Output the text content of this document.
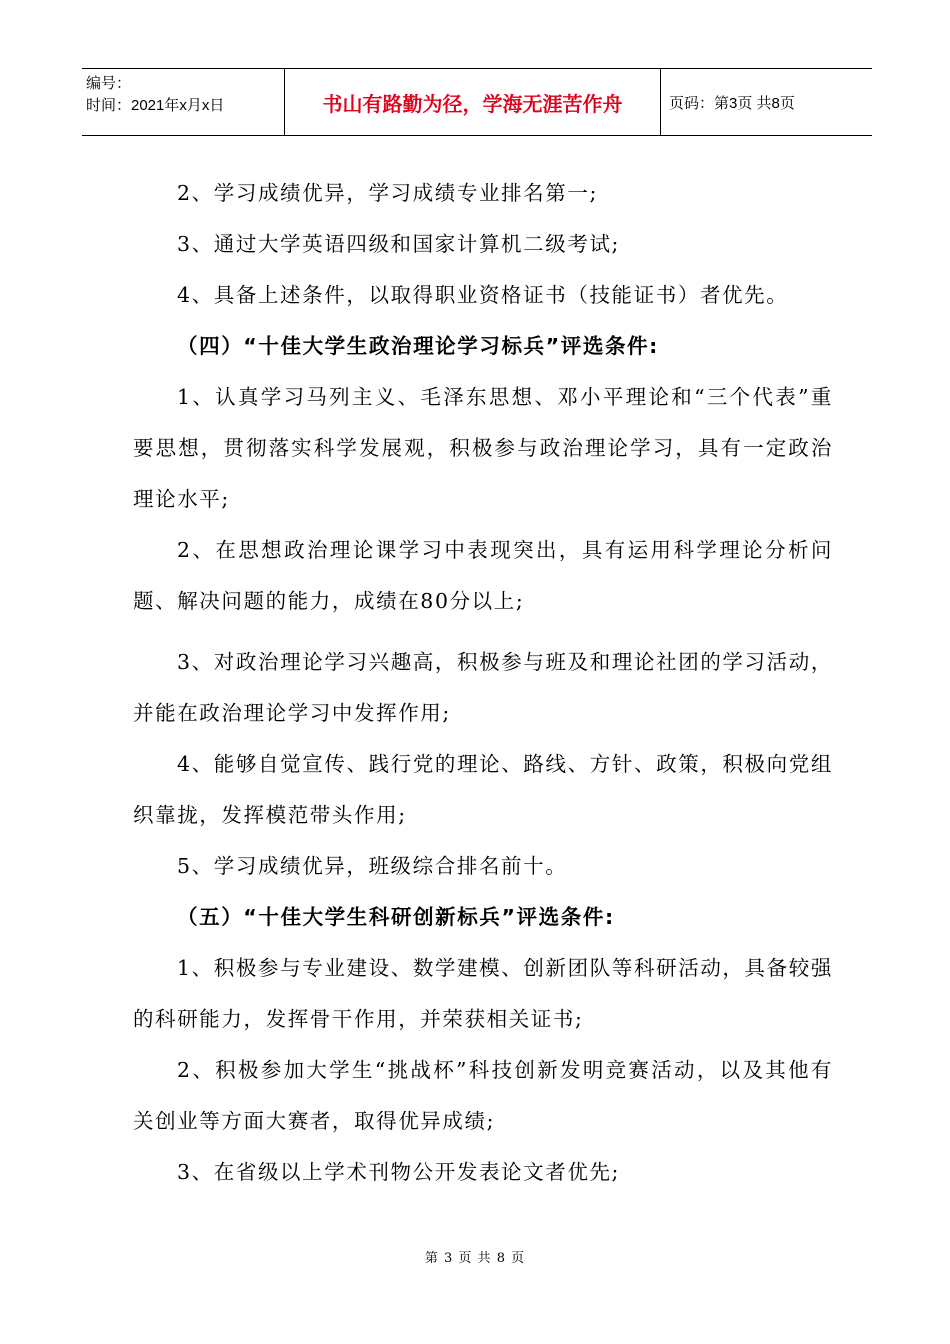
编号：
时间：2021年x月x日	书山有路勤为径，学海无涯苦作舟	页码：第3页 共8页

2、学习成绩优异，学习成绩专业排名第一;

3、通过大学英语四级和国家计算机二级考试;

4、具备上述条件，以取得职业资格证书（技能证书）者优先。

（四）“十佳大学生政治理论学习标兵”评选条件:

1、认真学习马列主义、毛泽东思想、邓小平理论和“三个代表”重要思想，贯彻落实科学发展观，积极参与政治理论学习，具有一定政治理论水平;

2、在思想政治理论课学习中表现突出，具有运用科学理论分析问题、解决问题的能力，成绩在80分以上;

3、对政治理论学习兴趣高，积极参与班及和理论社团的学习活动，并能在政治理论学习中发挥作用;

4、能够自觉宣传、践行党的理论、路线、方针、政策，积极向党组织靠拢，发挥模范带头作用;

5、学习成绩优异，班级综合排名前十。

（五）“十佳大学生科研创新标兵”评选条件:

1、积极参与专业建设、数学建模、创新团队等科研活动，具备较强的科研能力，发挥骨干作用，并荣获相关证书;

2、积极参加大学生“挑战杯”科技创新发明竞赛活动，以及其他有关创业等方面大赛者，取得优异成绩;

3、在省级以上学术刊物公开发表论文者优先;

第 3 页 共 8 页
